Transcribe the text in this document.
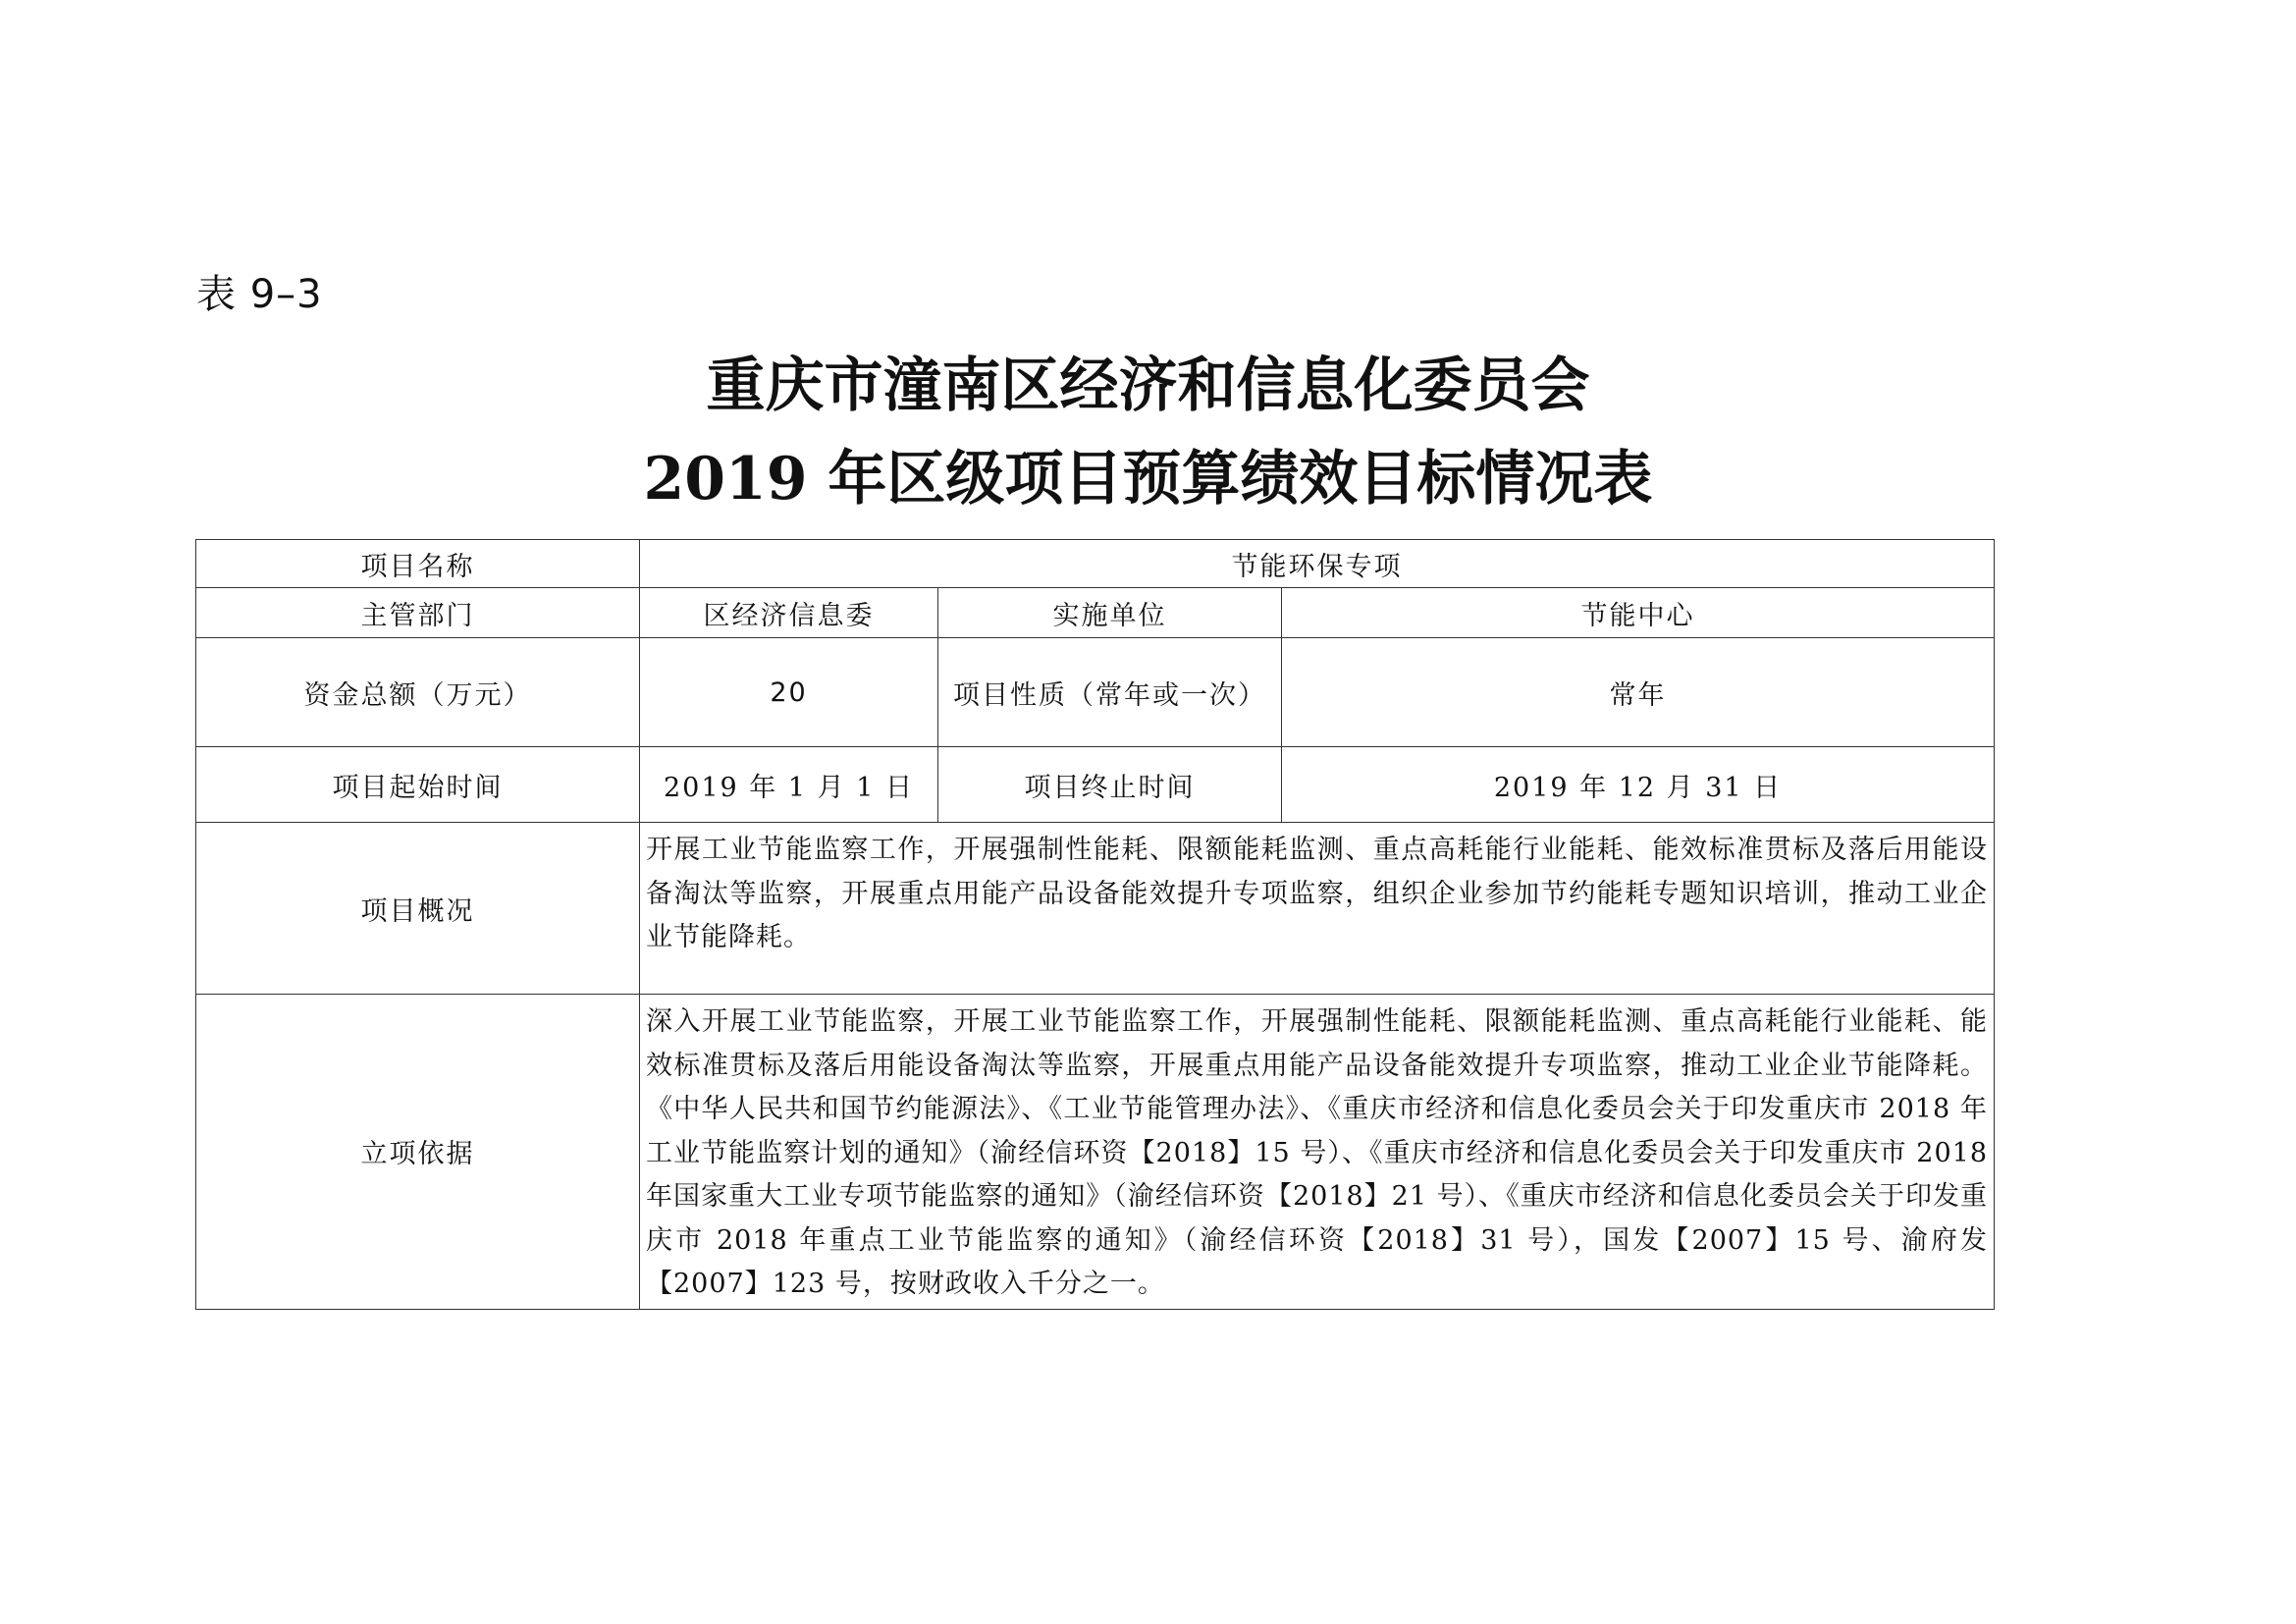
表 9–3
重庆市潼南区经济和信息化委员会
2019 年区级项目预算绩效目标情况表
项目名称	节能环保专项		
主管部门	区经济信息委	实施单位	节能中心
资金总额（万元）	20	项目性质（常年或一次）	常年
项目起始时间	2019 年 1 月 1 日	项目终止时间	2019 年 12 月 31 日
项目概况	开展工业节能监察工作，开展强制性能耗、限额能耗监测、重点高耗能行业能耗、能效标准贯标及落后用能设备淘汰等监察，开展重点用能产品设备能效提升专项监察，组织企业参加节约能耗专题知识培训，推动工业企业节能降耗。		
立项依据	深入开展工业节能监察，开展工业节能监察工作，开展强制性能耗、限额能耗监测、重点高耗能行业能耗、能效标准贯标及落后用能设备淘汰等监察，开展重点用能产品设备能效提升专项监察，推动工业企业节能降耗。《中华人民共和国节约能源法》、《工业节能管理办法》、《重庆市经济和信息化委员会关于印发重庆市 2018 年工业节能监察计划的通知》（渝经信环资【2018】15 号）、《重庆市经济和信息化委员会关于印发重庆市 2018 年国家重大工业专项节能监察的通知》（渝经信环资【2018】21 号）、《重庆市经济和信息化委员会关于印发重庆市 2018 年重点工业节能监察的通知》（渝经信环资【2018】31 号），国发【2007】15 号、渝府发【2007】123 号，按财政收入千分之一。		
